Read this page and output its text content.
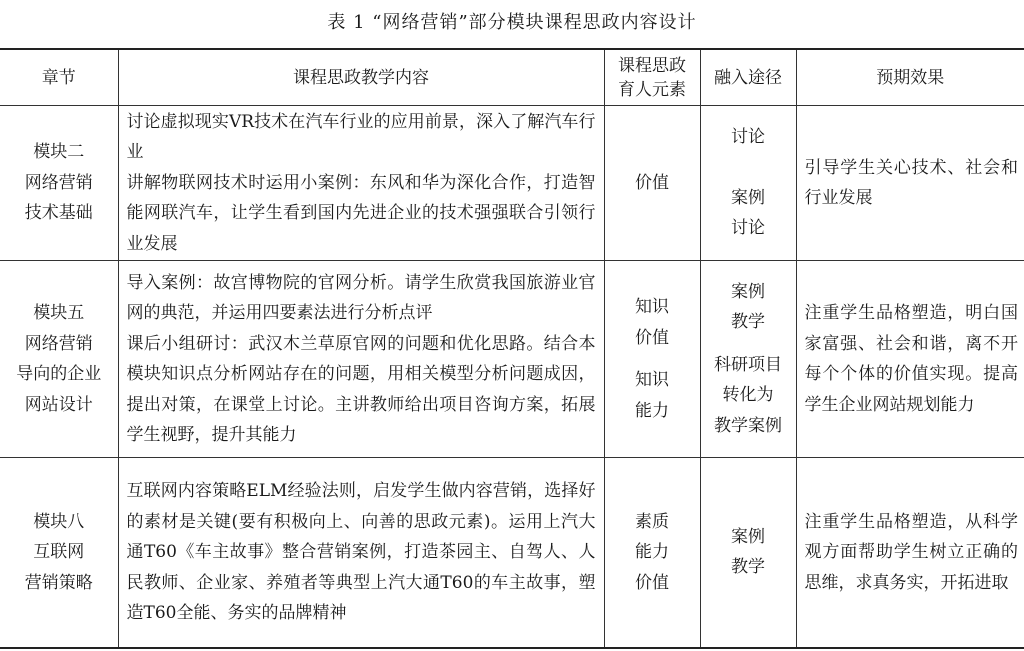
表 1 “网络营销”部分模块课程思政内容设计
章节	课程思政教学内容	课程思政育人元素	融入途径	预期效果

模块二
网络营销
技术基础	讨论虚拟现实VR技术在汽车行业的应用前景，深入了解汽车行业
讲解物联网技术时运用小案例：东风和华为深化合作，打造智能网联汽车，让学生看到国内先进企业的技术强强联合引领行业发展	价值	讨论
案例
讨论	引导学生关心技术、社会和行业发展

模块五
网络营销
导向的企业
网站设计	导入案例：故宫博物院的官网分析。请学生欣赏我国旅游业官网的典范，并运用四要素法进行分析点评
课后小组研讨：武汉木兰草原官网的问题和优化思路。结合本模块知识点分析网站存在的问题，用相关模型分析问题成因，提出对策，在课堂上讨论。主讲教师给出项目咨询方案，拓展学生视野，提升其能力	知识
价值
知识
能力	案例
教学
科研项目
转化为
教学案例	注重学生品格塑造，明白国家富强、社会和谐，离不开每个个体的价值实现。提高学生企业网站规划能力

模块八
互联网
营销策略	互联网内容策略ELM经验法则，启发学生做内容营销，选择好的素材是关键(要有积极向上、向善的思政元素)。运用上汽大通T60《车主故事》整合营销案例，打造茶园主、自驾人、人民教师、企业家、养殖者等典型上汽大通T60的车主故事，塑造T60全能、务实的品牌精神	素质
能力
价值	案例
教学	注重学生品格塑造，从科学观方面帮助学生树立正确的思维，求真务实，开拓进取
